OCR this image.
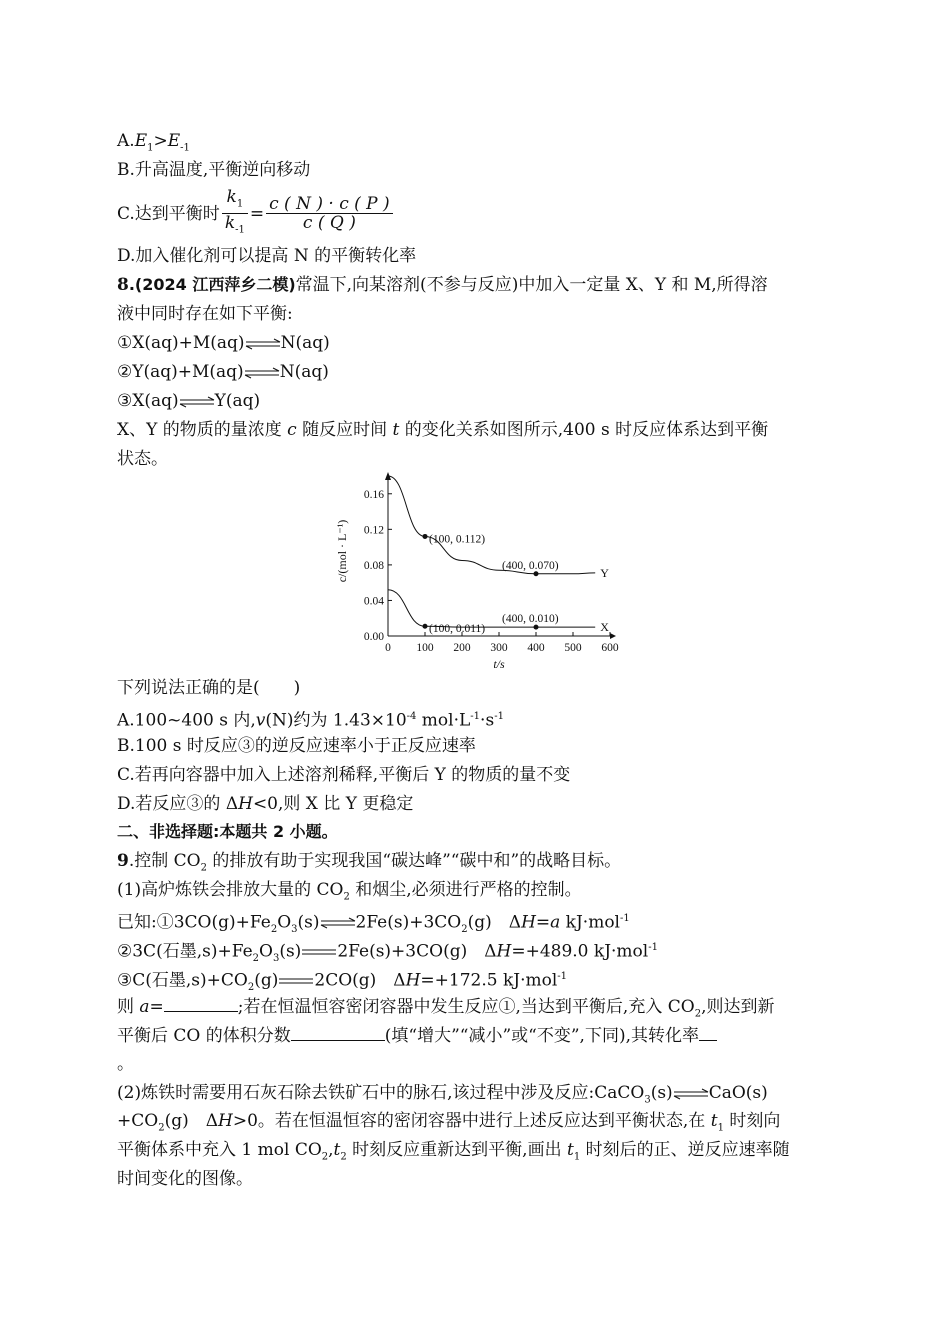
$A.E_1>E_{-1}$
B.升高温度,平衡逆向移动
C.达到平衡时 $\frac{k_1}{k_{-1}} = \frac{c ( N ) \cdot c ( P )}{c ( Q )}$
D.加入催化剂可以提高 N 的平衡转化率
8.(2024 江西萍乡二模)常温下,向某溶剂(不参与反应)中加入一定量 X、Y 和 M,所得溶
液中同时存在如下平衡:
①X(aq)+M(aq)⇌N(aq)
②Y(aq)+M(aq)⇌N(aq)
③X(aq)⇌Y(aq)
X、Y 的物质的量浓度 c 随反应时间 t 的变化关系如图所示,400 s 时反应体系达到平衡
状态。
0 100 200 300 400 500 600
0.00
0.04
0.08
0.12
0.16
t/s
c/(mol · L⁻¹)	Y
X
(100, 0.112)
(400, 0.070)
(100, 0.011)
(400, 0.010)
下列说法正确的是(　　)
A.100~400 s 内,v(N)约为 $1.43\times 10^{-4}$ $mol\cdot L^{-1}\cdot s^{-1}$
B.100 s 时反应③的逆反应速率小于正反应速率
C.若再向容器中加入上述溶剂稀释,平衡后 Y 的物质的量不变
D.若反应③的 ΔH<0,则 X 比 Y 更稳定
二、非选择题:本题共 2 小题。
9.控制 $CO_2$ 的排放有助于实现我国“碳达峰”“碳中和”的战略目标。
(1)高炉炼铁会排放大量的 $CO_2$ 和烟尘,必须进行严格的控制。
已知$:①3CO(g)+Fe_2O_3(s)\rightleftharpoons 2Fe(s)+3CO_2(g)$　ΔH=a kJ·mol$^{-1}$
②3C(石墨$,s)+Fe_2O_3(s)$ 2Fe(s)+3CO(g)　ΔH=+489.0 kJ·mol$^{-1}$
③C(石墨$,s)+CO_2(g)$ 2CO(g)　ΔH=+172.5 kJ·mol$^{-1}$
则 a=	;若在恒温恒容密闭容器中发生反应①,当达到平衡后,充入 $CO_2$,则达到新
平衡后 CO 的体积分数	(填“增大”“减小”或“不变”,下同),其转化率
。
(2)炼铁时需要用石灰石除去铁矿石中的脉石,该过程中涉及反应:CaCO$_3$(s)⇌CaO(s)
$+CO_2(g)$　ΔH>0。若在恒温恒容的密闭容器中进行上述反应达到平衡状态,在 $t_1$ 时刻向
平衡体系中充入 1 mol $CO_2,t_2$ 时刻反应重新达到平衡,画出 $t_1$ 时刻后的正、逆反应速率随
时间变化的图像。
